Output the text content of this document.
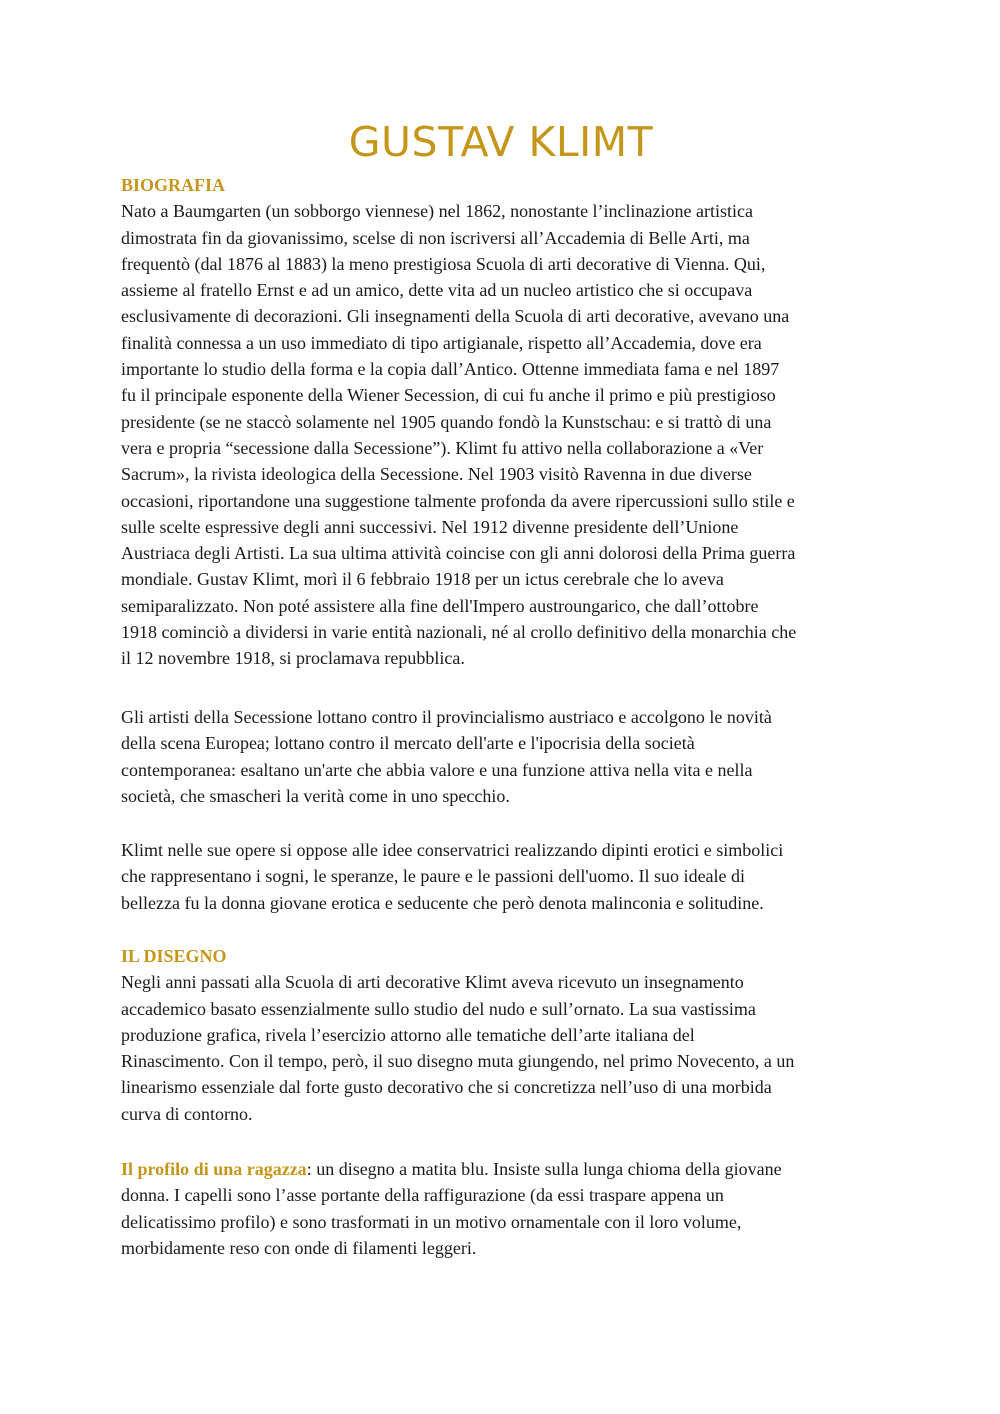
GUSTAV KLIMT
BIOGRAFIA

Nato a Baumgarten (un sobborgo viennese) nel 1862, nonostante l’inclinazione artistica
dimostrata fin da giovanissimo, scelse di non iscriversi all’Accademia di Belle Arti, ma
frequentò (dal 1876 al 1883) la meno prestigiosa Scuola di arti decorative di Vienna. Qui,
assieme al fratello Ernst e ad un amico, dette vita ad un nucleo artistico che si occupava
esclusivamente di decorazioni. Gli insegnamenti della Scuola di arti decorative, avevano una
finalità connessa a un uso immediato di tipo artigianale, rispetto all’Accademia, dove era
importante lo studio della forma e la copia dall’Antico. Ottenne immediata fama e nel 1897
fu il principale esponente della Wiener Secession, di cui fu anche il primo e più prestigioso
presidente (se ne staccò solamente nel 1905 quando fondò la Kunstschau: e si trattò di una
vera e propria “secessione dalla Secessione”). Klimt fu attivo nella collaborazione a «Ver
Sacrum», la rivista ideologica della Secessione. Nel 1903 visitò Ravenna in due diverse
occasioni, riportandone una suggestione talmente profonda da avere ripercussioni sullo stile e
sulle scelte espressive degli anni successivi. Nel 1912 divenne presidente dell’Unione
Austriaca degli Artisti. La sua ultima attività coincise con gli anni dolorosi della Prima guerra
mondiale. Gustav Klimt, morì il 6 febbraio 1918 per un ictus cerebrale che lo aveva
semiparalizzato. Non poté assistere alla fine dell'Impero austroungarico, che dall’ottobre
1918 cominciò a dividersi in varie entità nazionali, né al crollo definitivo della monarchia che
il 12 novembre 1918, si proclamava repubblica.

Gli artisti della Secessione lottano contro il provincialismo austriaco e accolgono le novità
della scena Europea; lottano contro il mercato dell'arte e l'ipocrisia della società
contemporanea: esaltano un'arte che abbia valore e una funzione attiva nella vita e nella
società, che smascheri la verità come in uno specchio.

Klimt nelle sue opere si oppose alle idee conservatrici realizzando dipinti erotici e simbolici
che rappresentano i sogni, le speranze, le paure e le passioni dell'uomo. Il suo ideale di
bellezza fu la donna giovane erotica e seducente che però denota malinconia e solitudine.

IL DISEGNO

Negli anni passati alla Scuola di arti decorative Klimt aveva ricevuto un insegnamento
accademico basato essenzialmente sullo studio del nudo e sull’ornato. La sua vastissima
produzione grafica, rivela l’esercizio attorno alle tematiche dell’arte italiana del
Rinascimento. Con il tempo, però, il suo disegno muta giungendo, nel primo Novecento, a un
linearismo essenziale dal forte gusto decorativo che si concretizza nell’uso di una morbida
curva di contorno.

Il profilo di una ragazza: un disegno a matita blu. Insiste sulla lunga chioma della giovane
donna. I capelli sono l’asse portante della raffigurazione (da essi traspare appena un
delicatissimo profilo) e sono trasformati in un motivo ornamentale con il loro volume,
morbidamente reso con onde di filamenti leggeri.
